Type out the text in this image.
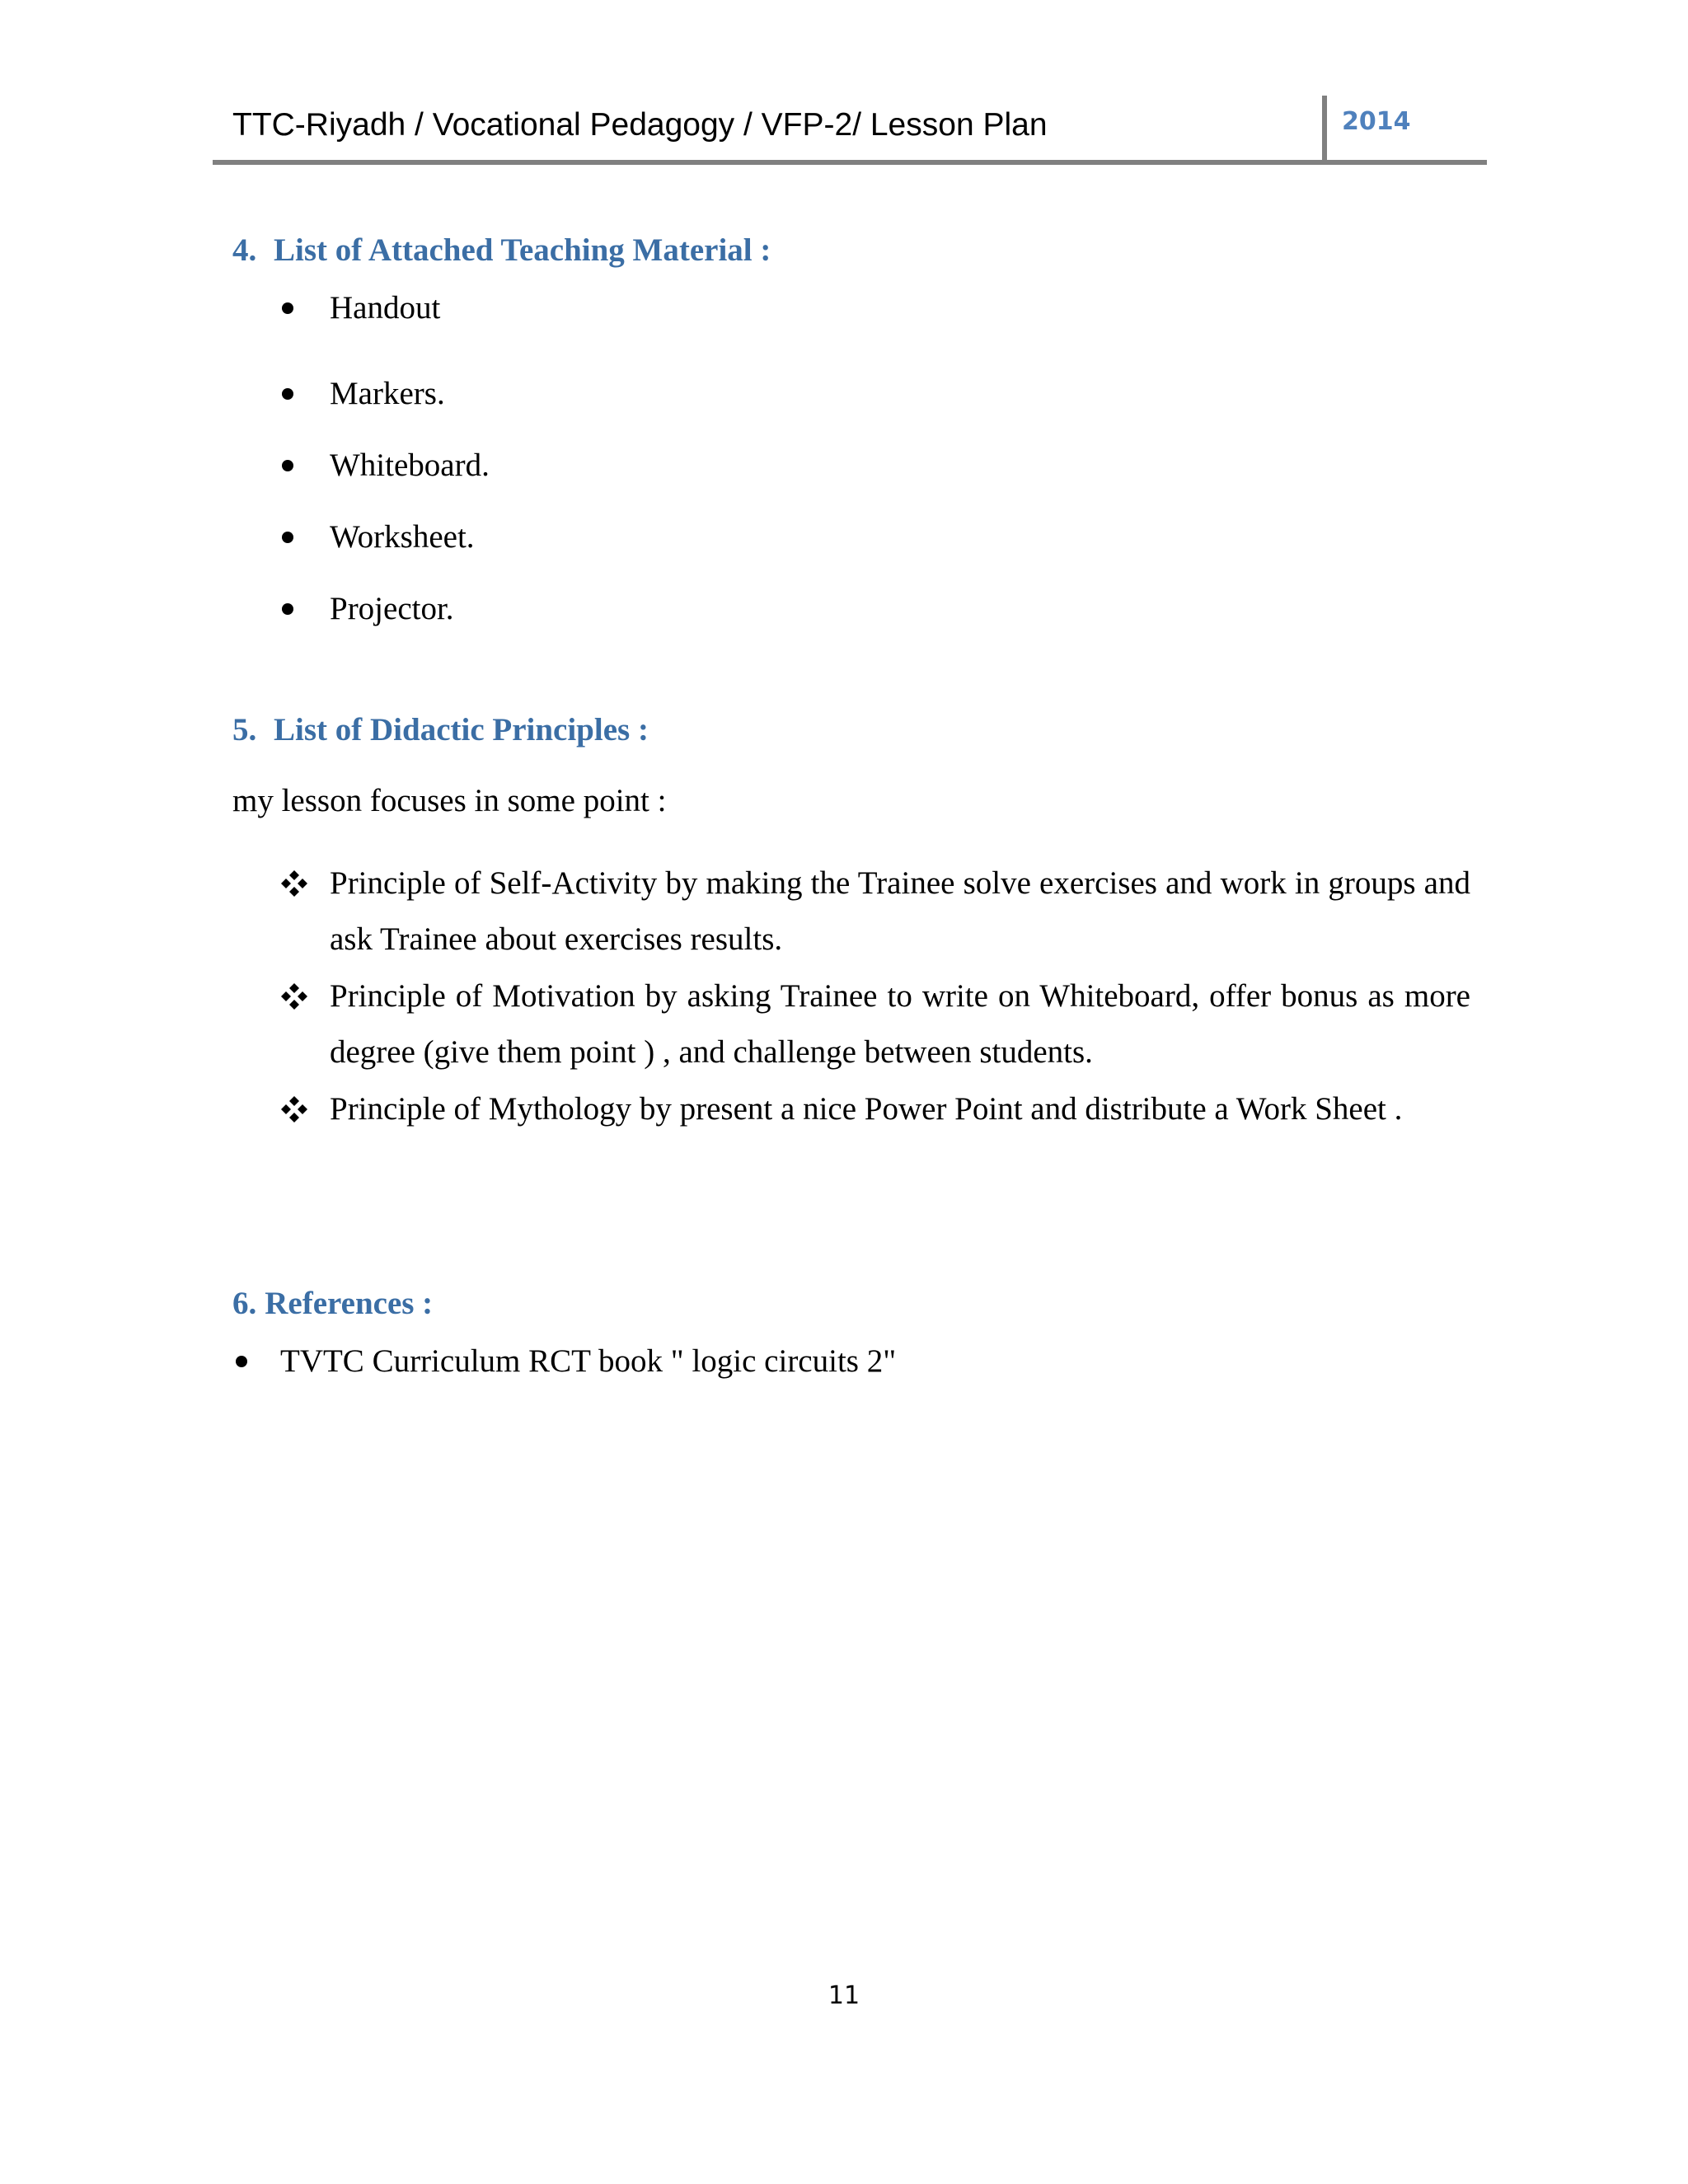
TTC-Riyadh / Vocational Pedagogy / VFP-2/ Lesson Plan	2014
4. List of Attached Teaching Material :
Handout
Markers.
Whiteboard.
Worksheet.
Projector.
5. List of Didactic Principles :
my lesson focuses in some point :
Principle of Self-Activity by making the Trainee solve exercises and work in groups and ask Trainee about exercises results.
Principle of Motivation by asking Trainee to write on Whiteboard, offer bonus as more degree (give them point ) , and challenge between students.
Principle of Mythology by present a nice Power Point and distribute a Work Sheet .
6. References :
TVTC Curriculum RCT book " logic circuits 2"
11
